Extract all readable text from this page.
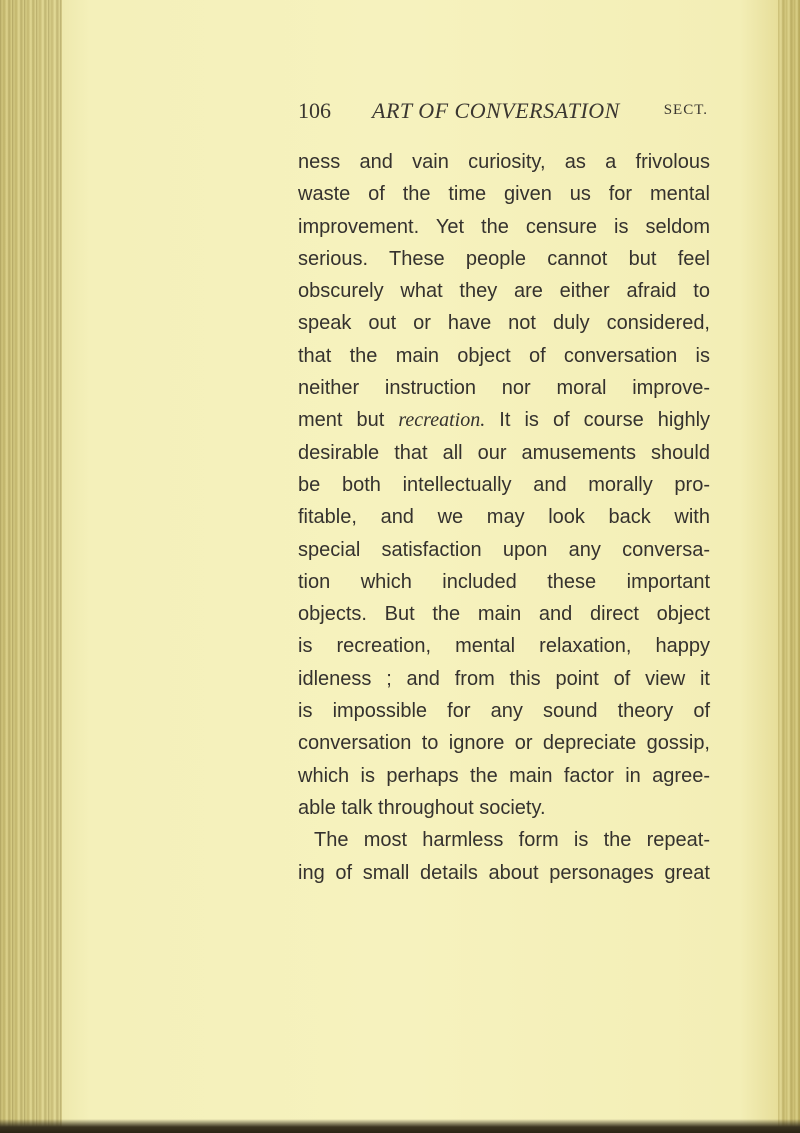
106 ART OF CONVERSATION	SECT.
ness and vain curiosity, as a frivolous
waste of the time given us for mental
improvement. Yet the censure is seldom
serious. These people cannot but feel
obscurely what they are either afraid to
speak out or have not duly considered,
that the main object of conversation is
neither instruction nor moral improve-
ment but recreation. It is of course highly
desirable that all our amusements should
be both intellectually and morally pro-
fitable, and we may look back with
special satisfaction upon any conversa-
tion which included these important
objects. But the main and direct object
is recreation, mental relaxation, happy
idleness ; and from this point of view it
is impossible for any sound theory of
conversation to ignore or depreciate gossip,
which is perhaps the main factor in agree-
able talk throughout society.
The most harmless form is the repeat-
ing of small details about personages great
